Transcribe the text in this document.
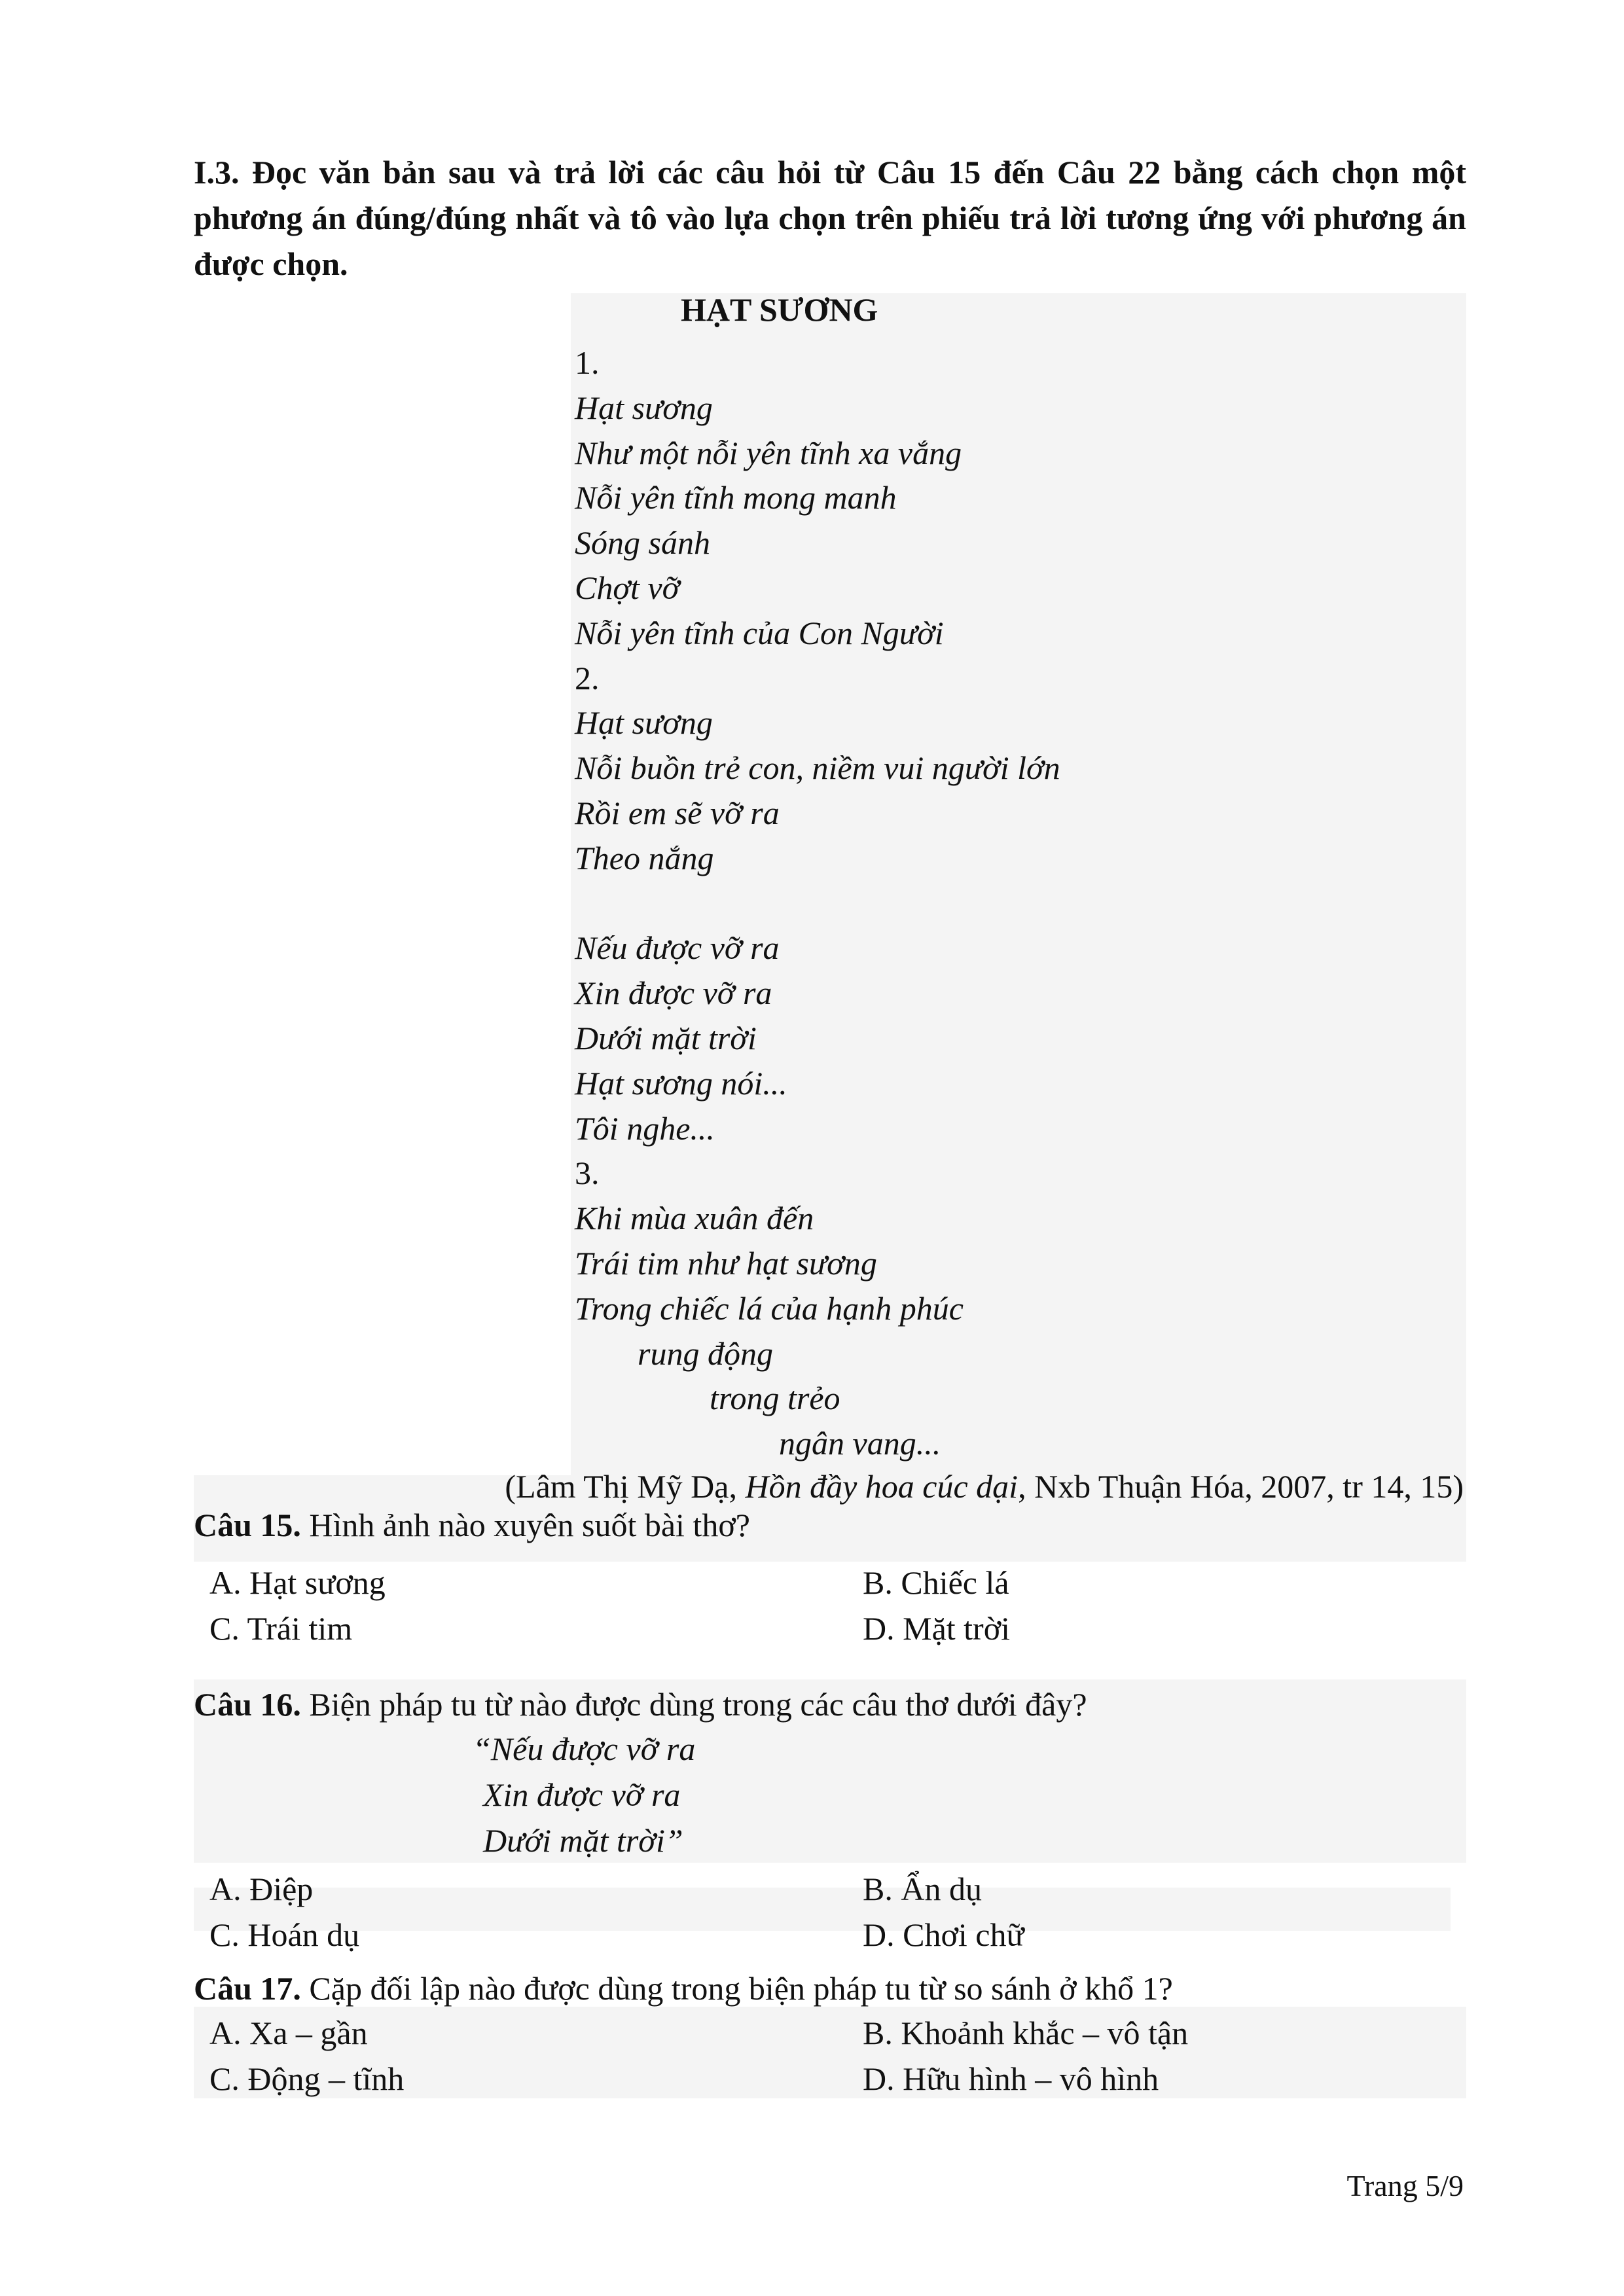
I.3. Đọc văn bản sau và trả lời các câu hỏi từ Câu 15 đến Câu 22 bằng cách chọn một phương án đúng/đúng nhất và tô vào lựa chọn trên phiếu trả lời tương ứng với phương án được chọn.
HẠT SƯƠNG
1.
Hạt sương
Như một nỗi yên tĩnh xa vắng
Nỗi yên tĩnh mong manh
Sóng sánh
Chợt vỡ
Nỗi yên tĩnh của Con Người
2.
Hạt sương
Nỗi buồn trẻ con, niềm vui người lớn
Rồi em sẽ vỡ ra
Theo nắng
Nếu được vỡ ra
Xin được vỡ ra
Dưới mặt trời
Hạt sương nói...
Tôi nghe...
3.
Khi mùa xuân đến
Trái tim như hạt sương
Trong chiếc lá của hạnh phúc
rung động
trong trẻo
ngân vang...
(Lâm Thị Mỹ Dạ, Hồn đầy hoa cúc dại, Nxb Thuận Hóa, 2007, tr 14, 15)
Câu 15. Hình ảnh nào xuyên suốt bài thơ?
A. Hạt sương	B. Chiếc lá
C. Trái tim	D. Mặt trời
Câu 16. Biện pháp tu từ nào được dùng trong các câu thơ dưới đây?
“Nếu được vỡ ra
Xin được vỡ ra
Dưới mặt trời”
A. Điệp	B. Ẩn dụ
C. Hoán dụ	D. Chơi chữ
Câu 17. Cặp đối lập nào được dùng trong biện pháp tu từ so sánh ở khổ 1?
A. Xa – gần	B. Khoảnh khắc – vô tận
C. Động – tĩnh	D. Hữu hình – vô hình
Trang 5/9
